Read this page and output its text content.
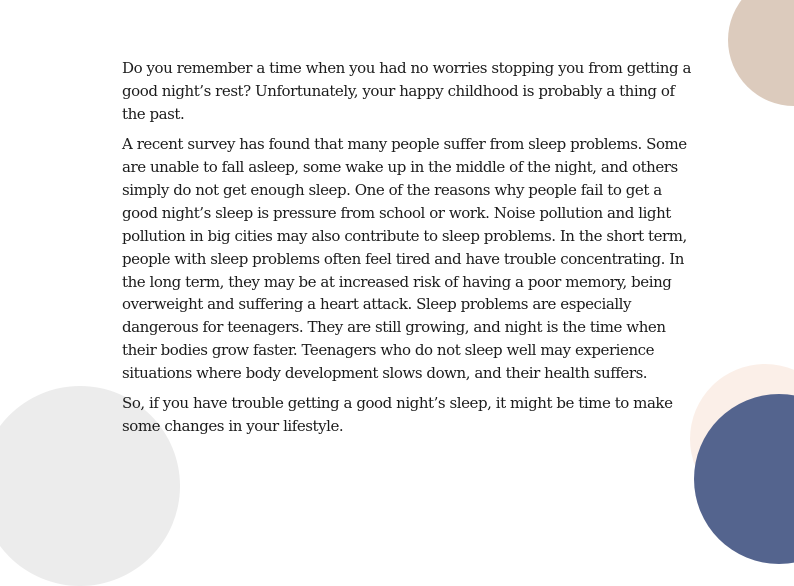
Do you remember a time when you had no worries stopping you from getting a good night’s rest? Unfortunately, your happy childhood is probably a thing of the past.

A recent survey has found that many people suffer from sleep problems. Some are unable to fall asleep, some wake up in the middle of the night, and others simply do not get enough sleep. One of the reasons why people fail to get a good night’s sleep is pressure from school or work. Noise pollution and light pollution in big cities may also contribute to sleep problems. In the short term, people with sleep problems often feel tired and have trouble concentrating. In the long term, they may be at increased risk of having a poor memory, being overweight and suffering a heart attack. Sleep problems are especially dangerous for teenagers. They are still growing, and night is the time when their bodies grow faster. Teenagers who do not sleep well may experience situations where body development slows down, and their health suffers.

So, if you have trouble getting a good night’s sleep, it might be time to make some changes in your lifestyle.
